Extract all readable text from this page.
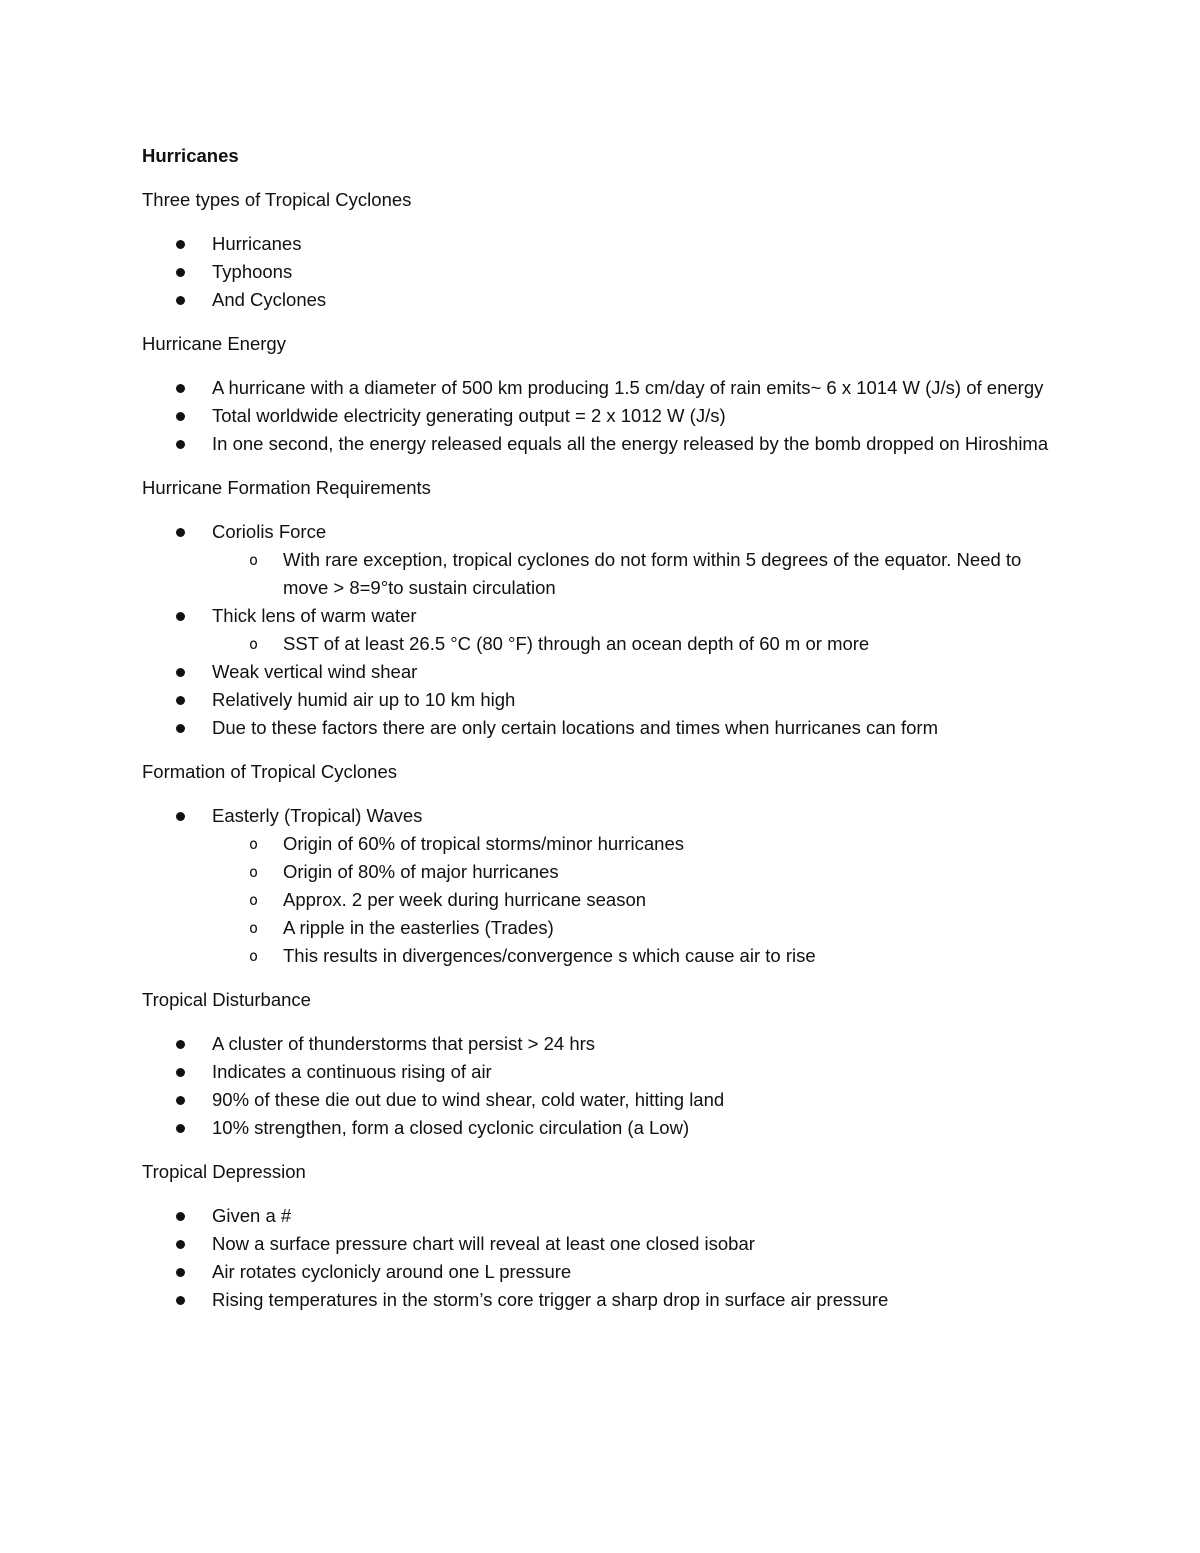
Hurricanes
Three types of Tropical Cyclones
Hurricanes
Typhoons
And Cyclones
Hurricane Energy
A hurricane with a diameter of 500 km producing 1.5 cm/day of rain emits~ 6 x 1014 W (J/s) of energy
Total worldwide electricity generating output = 2 x 1012 W (J/s)
In one second, the energy released equals all the energy released by the bomb dropped on Hiroshima
Hurricane Formation Requirements
Coriolis Force
o With rare exception, tropical cyclones do not form within 5 degrees of the equator. Need to move > 8=9°to sustain circulation
Thick lens of warm water
o SST of at least 26.5 °C (80 °F) through an ocean depth of 60 m or more
Weak vertical wind shear
Relatively humid air up to 10 km high
Due to these factors there are only certain locations and times when hurricanes can form
Formation of Tropical Cyclones
Easterly (Tropical) Waves
o Origin of 60% of tropical storms/minor hurricanes
o Origin of 80% of major hurricanes
o Approx. 2 per week during hurricane season
o A ripple in the easterlies (Trades)
o This results in divergences/convergence s which cause air to rise
Tropical Disturbance
A cluster of thunderstorms that persist > 24 hrs
Indicates a continuous rising of air
90% of these die out due to wind shear, cold water, hitting land
10% strengthen, form a closed cyclonic circulation (a Low)
Tropical Depression
Given a #
Now a surface pressure chart will reveal at least one closed isobar
Air rotates cyclonicly around one L pressure
Rising temperatures in the storm’s core trigger a sharp drop in surface air pressure
